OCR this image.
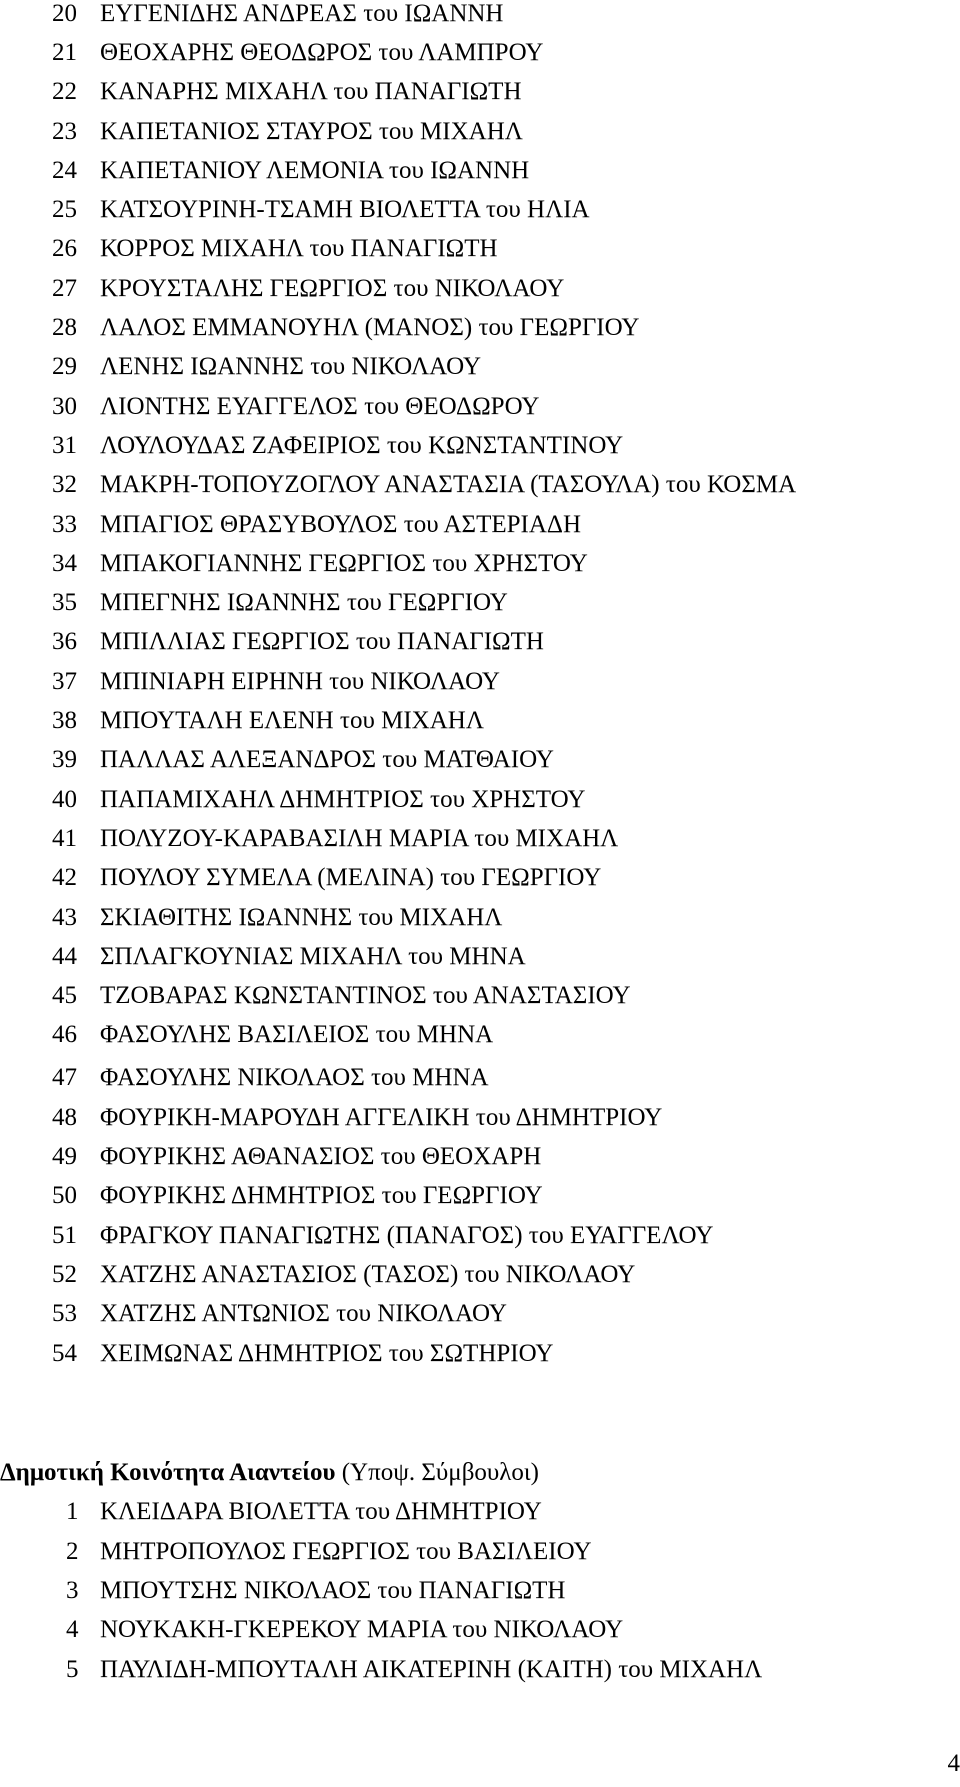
20 ΕΥΓΕΝΙΔΗΣ ΑΝΔΡΕΑΣ του ΙΩΑΝΝΗ
21 ΘΕΟΧΑΡΗΣ ΘΕΟΔΩΡΟΣ του ΛΑΜΠΡΟΥ
22 ΚΑΝΑΡΗΣ ΜΙΧΑΗΛ του ΠΑΝΑΓΙΩΤΗ
23 ΚΑΠΕΤΑΝΙΟΣ ΣΤΑΥΡΟΣ του ΜΙΧΑΗΛ
24 ΚΑΠΕΤΑΝΙΟΥ ΛΕΜΟΝΙΑ του ΙΩΑΝΝΗ
25 ΚΑΤΣΟΥΡΙΝΗ-ΤΣΑΜΗ ΒΙΟΛΕΤΤΑ του ΗΛΙΑ
26 ΚΟΡΡΟΣ ΜΙΧΑΗΛ του ΠΑΝΑΓΙΩΤΗ
27 ΚΡΟΥΣΤΑΛΗΣ ΓΕΩΡΓΙΟΣ του ΝΙΚΟΛΑΟΥ
28 ΛΑΛΟΣ ΕΜΜΑΝΟΥΗΛ (ΜΑΝΟΣ) του ΓΕΩΡΓΙΟΥ
29 ΛΕΝΗΣ ΙΩΑΝΝΗΣ του ΝΙΚΟΛΑΟΥ
30 ΛΙΟΝΤΗΣ ΕΥΑΓΓΕΛΟΣ του ΘΕΟΔΩΡΟΥ
31 ΛΟΥΛΟΥΔΑΣ ΖΑΦΕΙΡΙΟΣ του ΚΩΝΣΤΑΝΤΙΝΟΥ
32 ΜΑΚΡΗ-ΤΟΠΟΥΖΟΓΛΟΥ ΑΝΑΣΤΑΣΙΑ (ΤΑΣΟΥΛΑ) του ΚΟΣΜΑ
33 ΜΠΑΓΙΟΣ ΘΡΑΣΥΒΟΥΛΟΣ του ΑΣΤΕΡΙΑΔΗ
34 ΜΠΑΚΟΓΙΑΝΝΗΣ ΓΕΩΡΓΙΟΣ του ΧΡΗΣΤΟΥ
35 ΜΠΕΓΝΗΣ ΙΩΑΝΝΗΣ του ΓΕΩΡΓΙΟΥ
36 ΜΠΙΛΛΙΑΣ ΓΕΩΡΓΙΟΣ του ΠΑΝΑΓΙΩΤΗ
37 ΜΠΙΝΙΑΡΗ ΕΙΡΗΝΗ του ΝΙΚΟΛΑΟΥ
38 ΜΠΟΥΤΑΛΗ ΕΛΕΝΗ του ΜΙΧΑΗΛ
39 ΠΑΛΛΑΣ ΑΛΕΞΑΝΔΡΟΣ του ΜΑΤΘΑΙΟΥ
40 ΠΑΠΑΜΙΧΑΗΛ ΔΗΜΗΤΡΙΟΣ του ΧΡΗΣΤΟΥ
41 ΠΟΛΥΖΟΥ-ΚΑΡΑΒΑΣΙΛΗ ΜΑΡΙΑ του ΜΙΧΑΗΛ
42 ΠΟΥΛΟΥ ΣΥΜΕΛΑ (ΜΕΛΙΝΑ) του ΓΕΩΡΓΙΟΥ
43 ΣΚΙΑΘΙΤΗΣ ΙΩΑΝΝΗΣ του ΜΙΧΑΗΛ
44 ΣΠΛΑΓΚΟΥΝΙΑΣ ΜΙΧΑΗΛ του ΜΗΝΑ
45 ΤΖΟΒΑΡΑΣ ΚΩΝΣΤΑΝΤΙΝΟΣ του ΑΝΑΣΤΑΣΙΟΥ
46 ΦΑΣΟΥΛΗΣ ΒΑΣΙΛΕΙΟΣ του ΜΗΝΑ
47 ΦΑΣΟΥΛΗΣ ΝΙΚΟΛΑΟΣ του ΜΗΝΑ
48 ΦΟΥΡΙΚΗ-ΜΑΡΟΥΔΗ ΑΓΓΕΛΙΚΗ του ΔΗΜΗΤΡΙΟΥ
49 ΦΟΥΡΙΚΗΣ ΑΘΑΝΑΣΙΟΣ του ΘΕΟΧΑΡΗ
50 ΦΟΥΡΙΚΗΣ ΔΗΜΗΤΡΙΟΣ του ΓΕΩΡΓΙΟΥ
51 ΦΡΑΓΚΟΥ ΠΑΝΑΓΙΩΤΗΣ (ΠΑΝΑΓΟΣ) του ΕΥΑΓΓΕΛΟΥ
52 ΧΑΤΖΗΣ ΑΝΑΣΤΑΣΙΟΣ (ΤΑΣΟΣ) του ΝΙΚΟΛΑΟΥ
53 ΧΑΤΖΗΣ ΑΝΤΩΝΙΟΣ του ΝΙΚΟΛΑΟΥ
54 ΧΕΙΜΩΝΑΣ ΔΗΜΗΤΡΙΟΣ του ΣΩΤΗΡΙΟΥ
Δημοτική Κοινότητα Αιαντείου (Υποψ. Σύμβουλοι)
1 ΚΛΕΙΔΑΡΑ ΒΙΟΛΕΤΤΑ του ΔΗΜΗΤΡΙΟΥ
2 ΜΗΤΡΟΠΟΥΛΟΣ ΓΕΩΡΓΙΟΣ του ΒΑΣΙΛΕΙΟΥ
3 ΜΠΟΥΤΣΗΣ ΝΙΚΟΛΑΟΣ του ΠΑΝΑΓΙΩΤΗ
4 ΝΟΥΚΑΚΗ-ΓΚΕΡΕΚΟΥ ΜΑΡΙΑ του ΝΙΚΟΛΑΟΥ
5 ΠΑΥΛΙΔΗ-ΜΠΟΥΤΑΛΗ ΑΙΚΑΤΕΡΙΝΗ (ΚΑΙΤΗ) του ΜΙΧΑΗΛ
4
